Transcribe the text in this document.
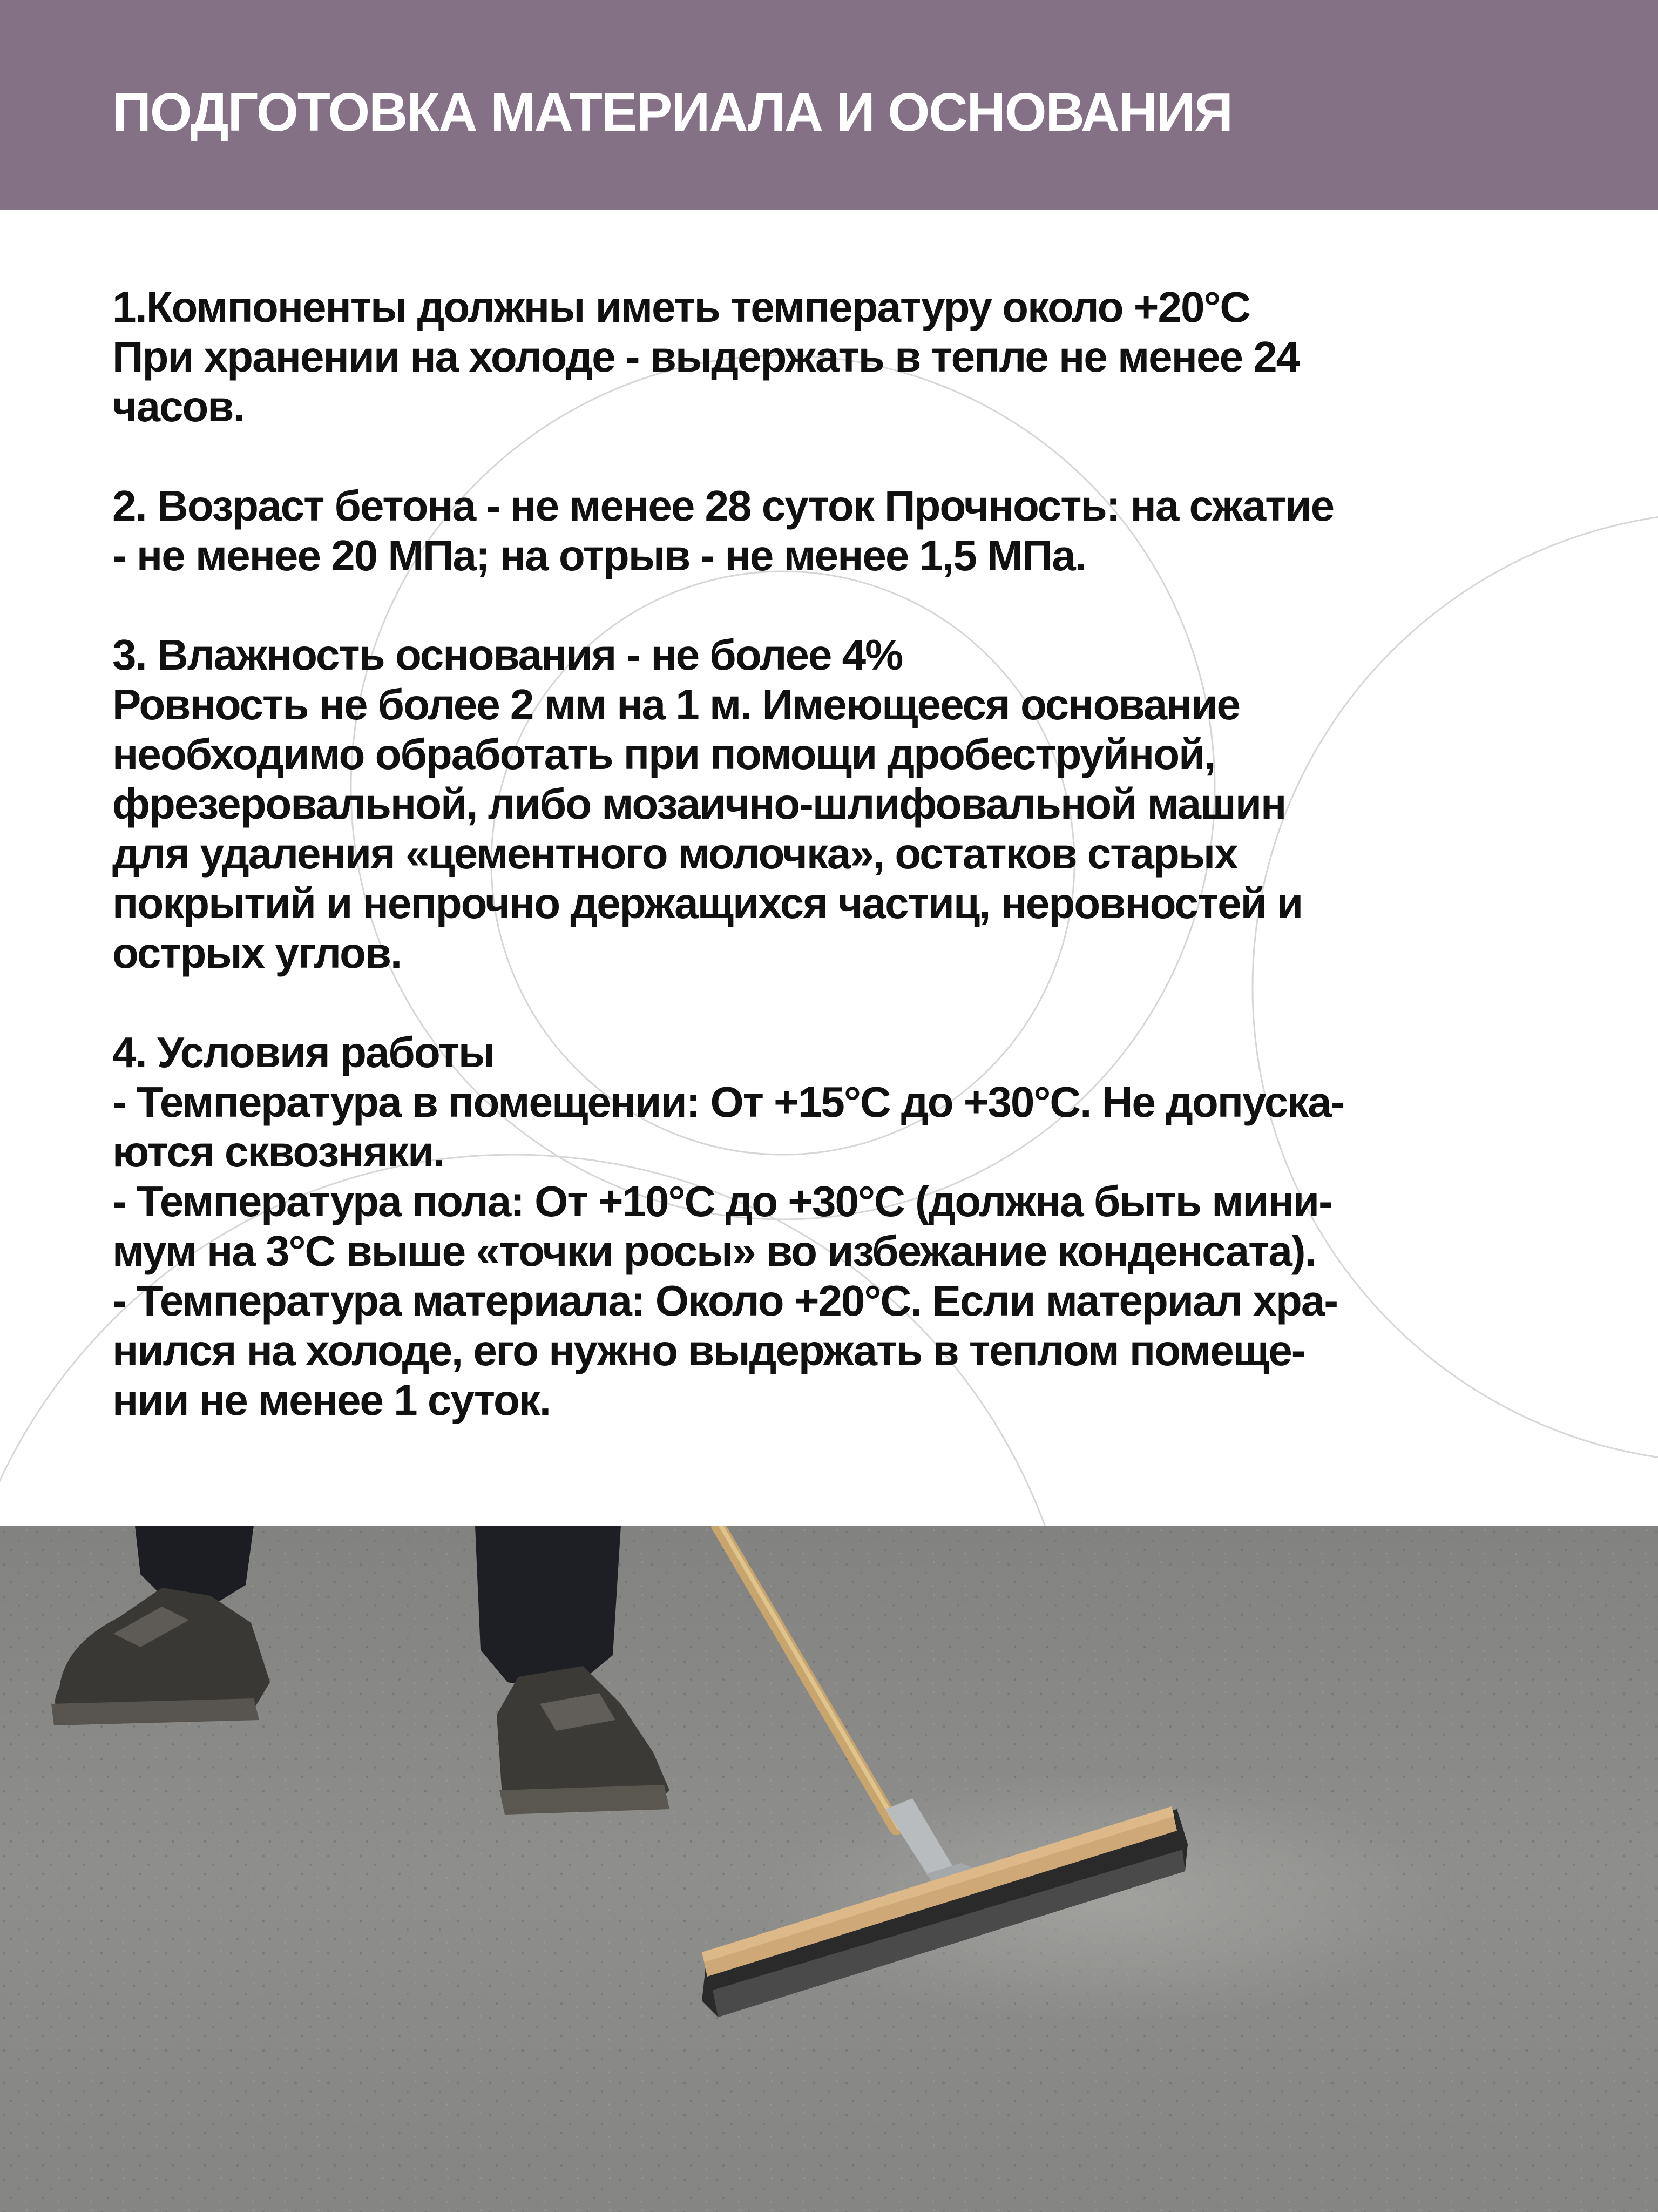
ПОДГОТОВКА МАТЕРИАЛА И ОСНОВАНИЯ

1.Компоненты должны иметь температуру около +20°С
При хранении на холоде - выдержать в тепле не менее 24
часов.

2. Возраст бетона - не менее 28 суток Прочность: на сжатие
- не менее 20 МПа; на отрыв - не менее 1,5 МПа.

3. Влажность основания - не более 4%
Ровность не более 2 мм на 1 м. Имеющееся основание
необходимо обработать при помощи дробеструйной,
фрезеровальной, либо мозаично-шлифовальной машин
для удаления «цементного молочка», остатков старых
покрытий и непрочно держащихся частиц, неровностей и
острых углов.

4. Условия работы
- Температура в помещении: От +15°С до +30°С. Не допуска-
ются сквозняки.
- Температура пола: От +10°С до +30°С (должна быть мини-
мум на 3°С выше «точки росы» во избежание конденсата).
- Температура материала: Около +20°С. Если материал хра-
нился на холоде, его нужно выдержать в теплом помеще-
нии не менее 1 суток.
